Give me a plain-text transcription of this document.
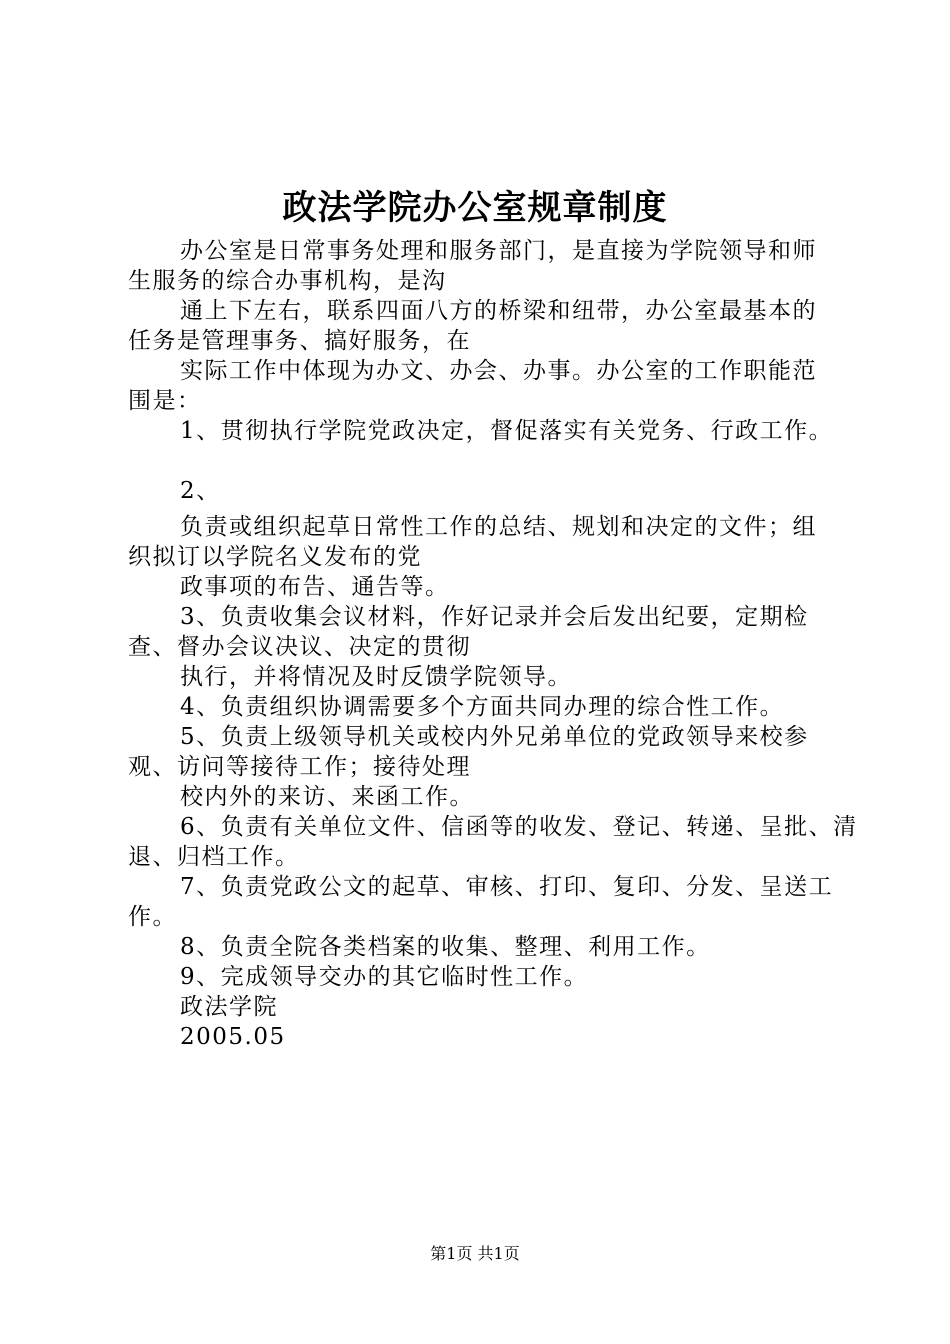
政法学院办公室规章制度

办公室是日常事务处理和服务部门，是直接为学院领导和师生服务的综合办事机构，是沟

通上下左右，联系四面八方的桥梁和纽带，办公室最基本的任务是管理事务、搞好服务，在

实际工作中体现为办文、办会、办事。办公室的工作职能范围是：

1、贯彻执行学院党政决定，督促落实有关党务、行政工作。

2、

负责或组织起草日常性工作的总结、规划和决定的文件；组织拟订以学院名义发布的党

政事项的布告、通告等。

3、负责收集会议材料，作好记录并会后发出纪要，定期检查、督办会议决议、决定的贯彻

执行，并将情况及时反馈学院领导。

4、负责组织协调需要多个方面共同办理的综合性工作。

5、负责上级领导机关或校内外兄弟单位的党政领导来校参观、访问等接待工作；接待处理

校内外的来访、来函工作。

6、负责有关单位文件、信函等的收发、登记、转递、呈批、清退、归档工作。

7、负责党政公文的起草、审核、打印、复印、分发、呈送工作。

8、负责全院各类档案的收集、整理、利用工作。

9、完成领导交办的其它临时性工作。

政法学院

2005.05

第1页 共1页
